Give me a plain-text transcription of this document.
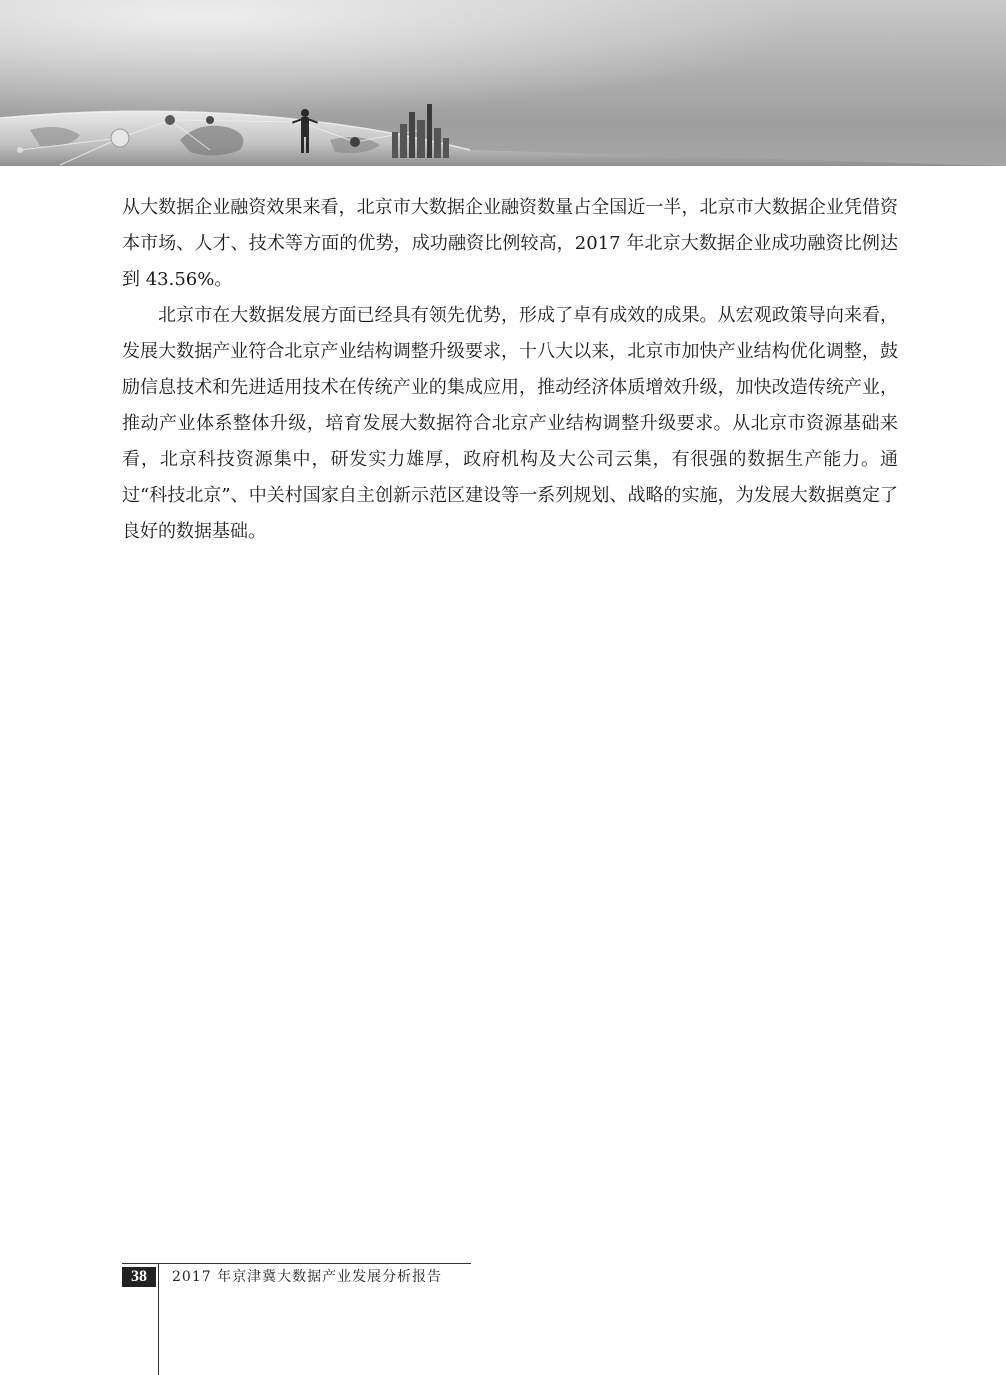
从大数据企业融资效果来看，北京市大数据企业融资数量占全国近一半，北京市大数据企业凭借资本市场、人才、技术等方面的优势，成功融资比例较高，2017 年北京大数据企业成功融资比例达到 43.56%。

北京市在大数据发展方面已经具有领先优势，形成了卓有成效的成果。从宏观政策导向来看，发展大数据产业符合北京产业结构调整升级要求，十八大以来，北京市加快产业结构优化调整，鼓励信息技术和先进适用技术在传统产业的集成应用，推动经济体质增效升级，加快改造传统产业，推动产业体系整体升级，培育发展大数据符合北京产业结构调整升级要求。从北京市资源基础来看，北京科技资源集中，研发实力雄厚，政府机构及大公司云集，有很强的数据生产能力。通过“科技北京”、中关村国家自主创新示范区建设等一系列规划、战略的实施，为发展大数据奠定了良好的数据基础。

38	2017 年京津冀大数据产业发展分析报告
